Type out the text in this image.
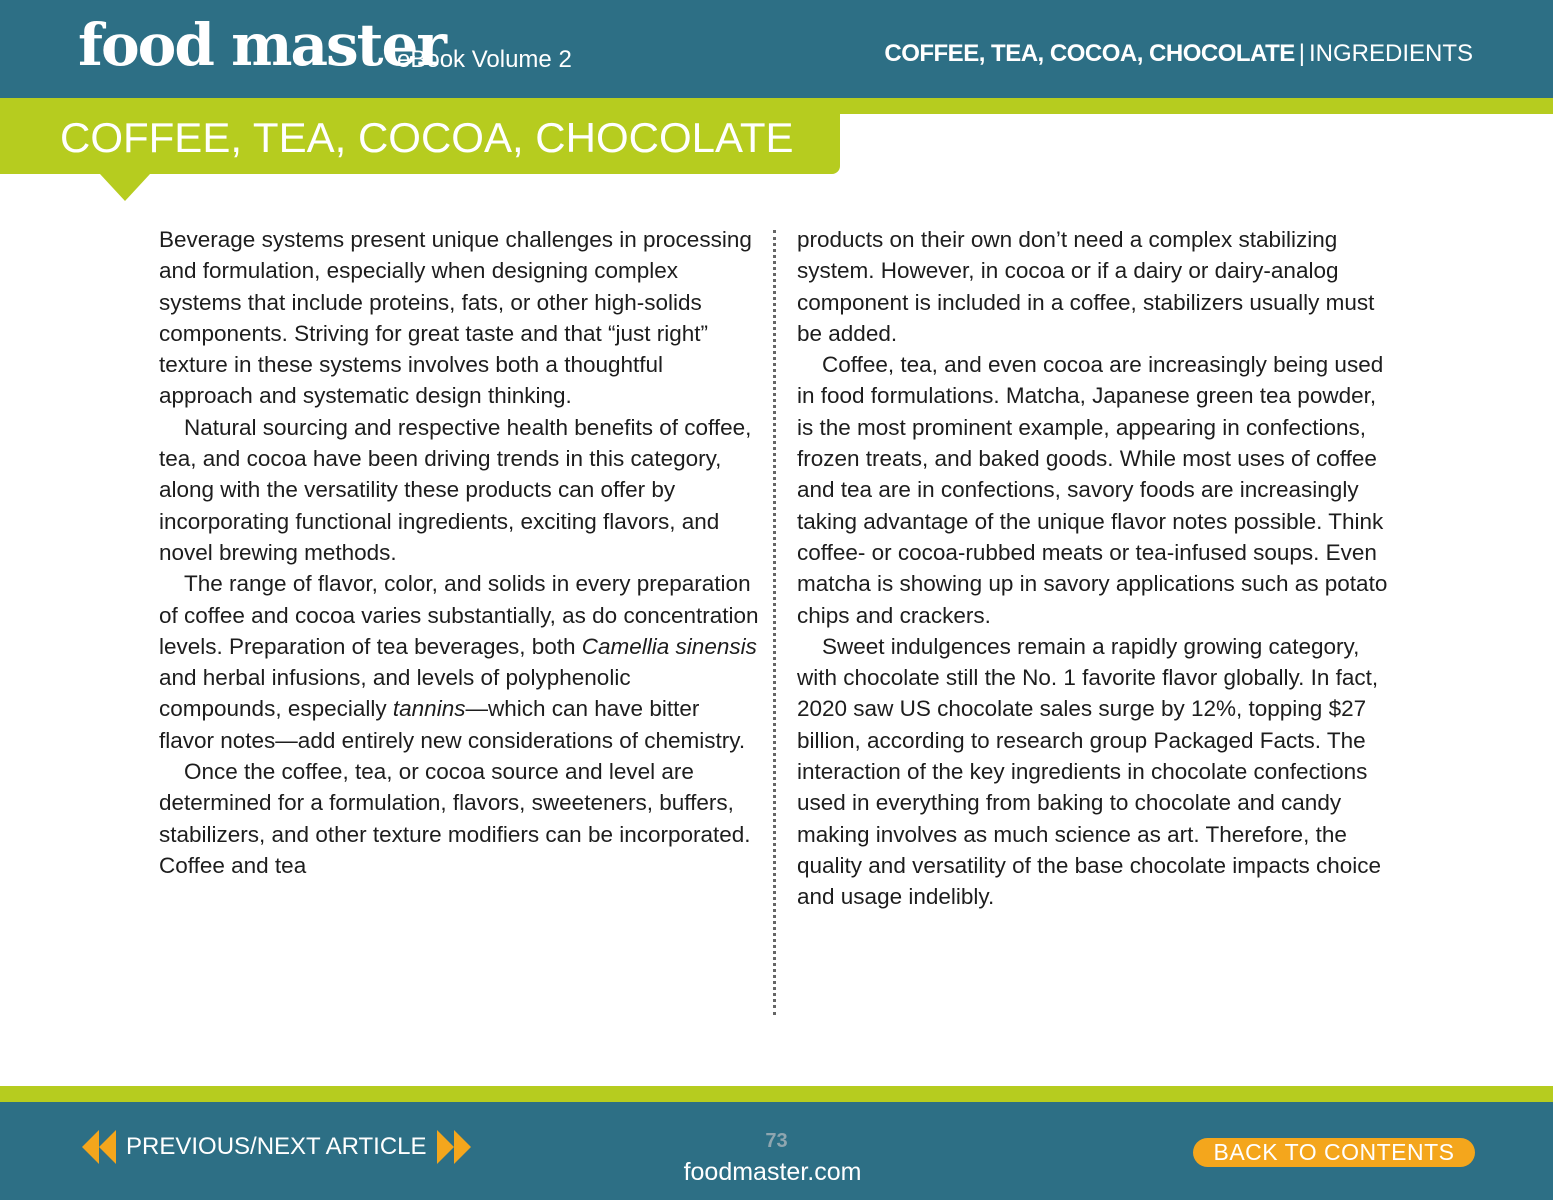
food master
eBook Volume 2	COFFEE, TEA, COCOA, CHOCOLATE | INGREDIENTS
COFFEE, TEA, COCOA, CHOCOLATE

Beverage systems present unique challenges in processing and formulation, especially when designing complex systems that include proteins, fats, or other high-solids components. Striving for great taste and that “just right” texture in these systems involves both a thoughtful approach and systematic design thinking.

Natural sourcing and respective health benefits of coffee, tea, and cocoa have been driving trends in this category, along with the versatility these products can offer by incorporating functional ingredients, exciting flavors, and novel brewing methods.

The range of flavor, color, and solids in every preparation of coffee and cocoa varies substantially, as do concentration levels. Preparation of tea beverages, both Camellia sinensis and herbal infusions, and levels of polyphenolic compounds, especially tannins—which can have bitter flavor notes—add entirely new considerations of chemistry.

Once the coffee, tea, or cocoa source and level are determined for a formulation, flavors, sweeteners, buffers, stabilizers, and other texture modifiers can be incorporated. Coffee and tea

products on their own don’t need a complex stabilizing system. However, in cocoa or if a dairy or dairy-analog component is included in a coffee, stabilizers usually must be added.

Coffee, tea, and even cocoa are increasingly being used in food formulations. Matcha, Japanese green tea powder, is the most prominent example, appearing in confections, frozen treats, and baked goods. While most uses of coffee and tea are in confections, savory foods are increasingly taking advantage of the unique flavor notes possible. Think coffee- or cocoa-rubbed meats or tea-infused soups. Even matcha is showing up in savory applications such as potato chips and crackers.

Sweet indulgences remain a rapidly growing category, with chocolate still the No. 1 favorite flavor globally. In fact, 2020 saw US chocolate sales surge by 12%, topping $27 billion, according to research group Packaged Facts. The interaction of the key ingredients in chocolate confections used in everything from baking to chocolate and candy making involves as much science as art. Therefore, the quality and versatility of the base chocolate impacts choice and usage indelibly.

PREVIOUS/NEXT ARTICLE	73
foodmaster.com
BACK TO CONTENTS
